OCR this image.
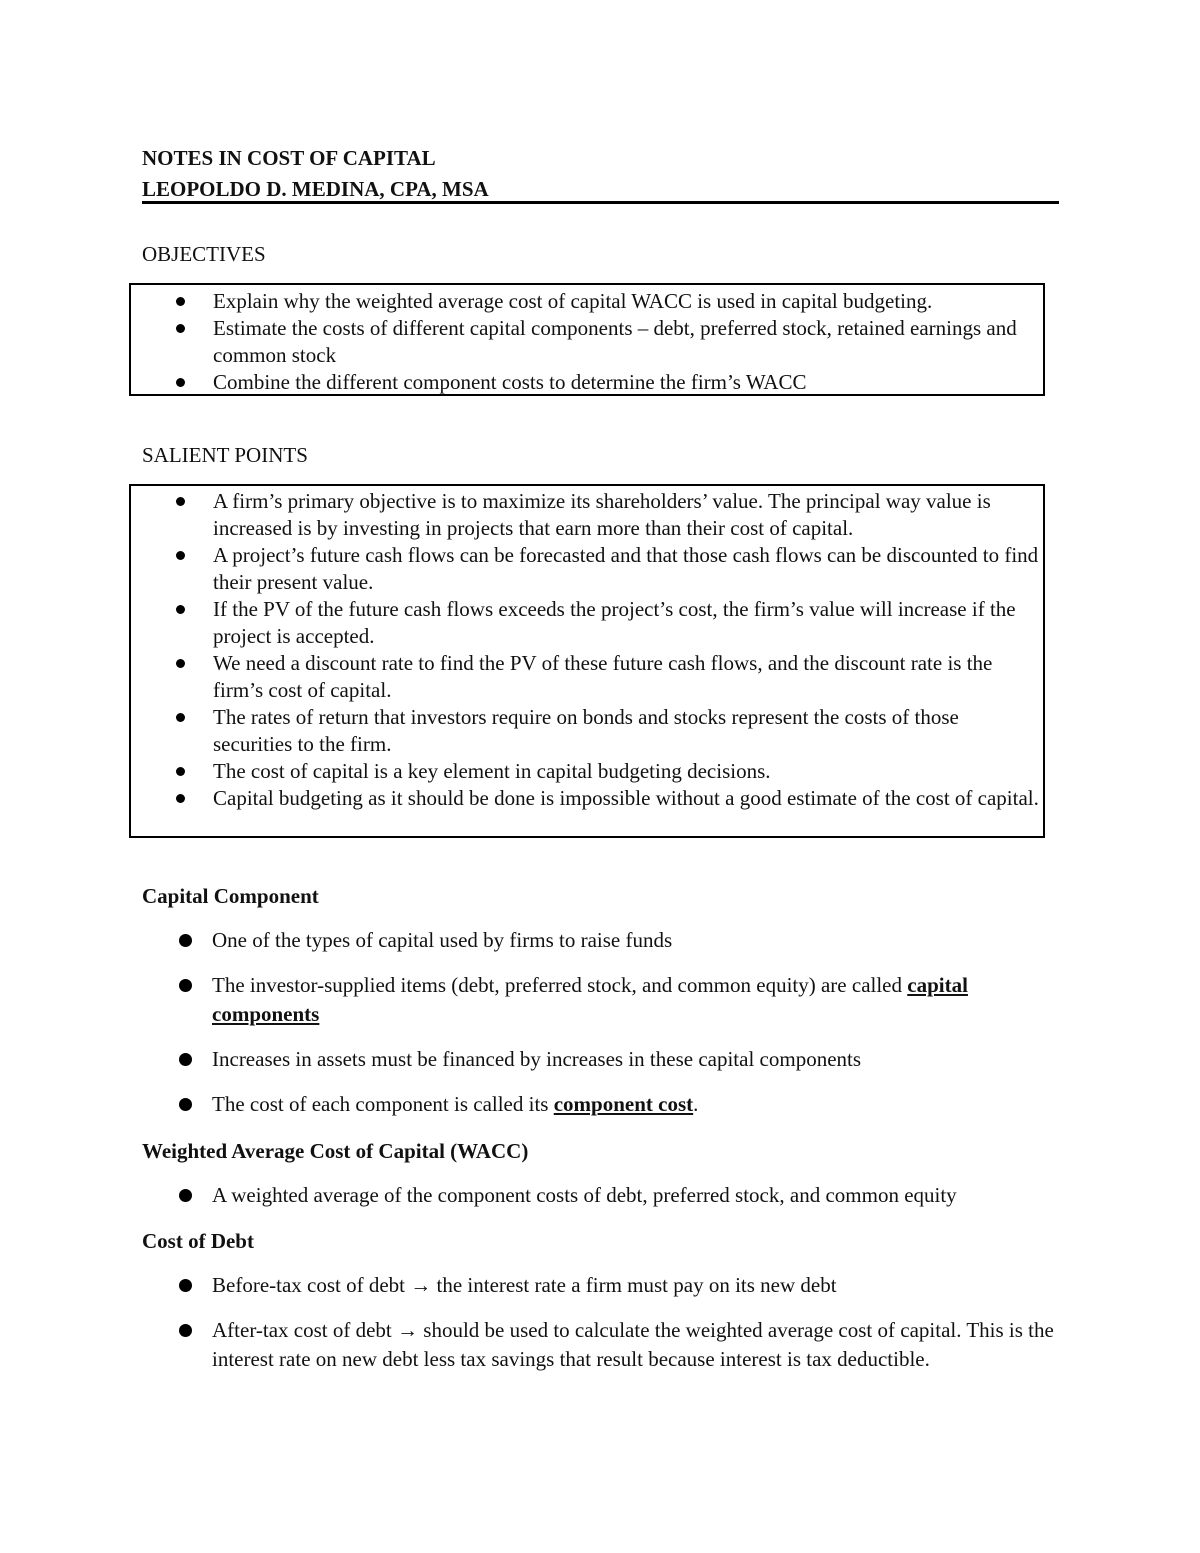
NOTES IN COST OF CAPITAL
LEOPOLDO D. MEDINA, CPA, MSA
OBJECTIVES
Explain why the weighted average cost of capital WACC is used in capital budgeting.
Estimate the costs of different capital components – debt, preferred stock, retained earnings and common stock
Combine the different component costs to determine the firm’s WACC
SALIENT POINTS
A firm’s primary objective is to maximize its shareholders’ value. The principal way value is increased is by investing in projects that earn more than their cost of capital.
A project’s future cash flows can be forecasted and that those cash flows can be discounted to find their present value.
If the PV of the future cash flows exceeds the project’s cost, the firm’s value will increase if the project is accepted.
We need a discount rate to find the PV of these future cash flows, and the discount rate is the firm’s cost of capital.
The rates of return that investors require on bonds and stocks represent the costs of those securities to the firm.
The cost of capital is a key element in capital budgeting decisions.
Capital budgeting as it should be done is impossible without a good estimate of the cost of capital.
Capital Component
One of the types of capital used by firms to raise funds
The investor-supplied items (debt, preferred stock, and common equity) are called capital components
Increases in assets must be financed by increases in these capital components
The cost of each component is called its component cost.
Weighted Average Cost of Capital (WACC)
A weighted average of the component costs of debt, preferred stock, and common equity
Cost of Debt
Before-tax cost of debt → the interest rate a firm must pay on its new debt
After-tax cost of debt → should be used to calculate the weighted average cost of capital. This is the interest rate on new debt less tax savings that result because interest is tax deductible.
